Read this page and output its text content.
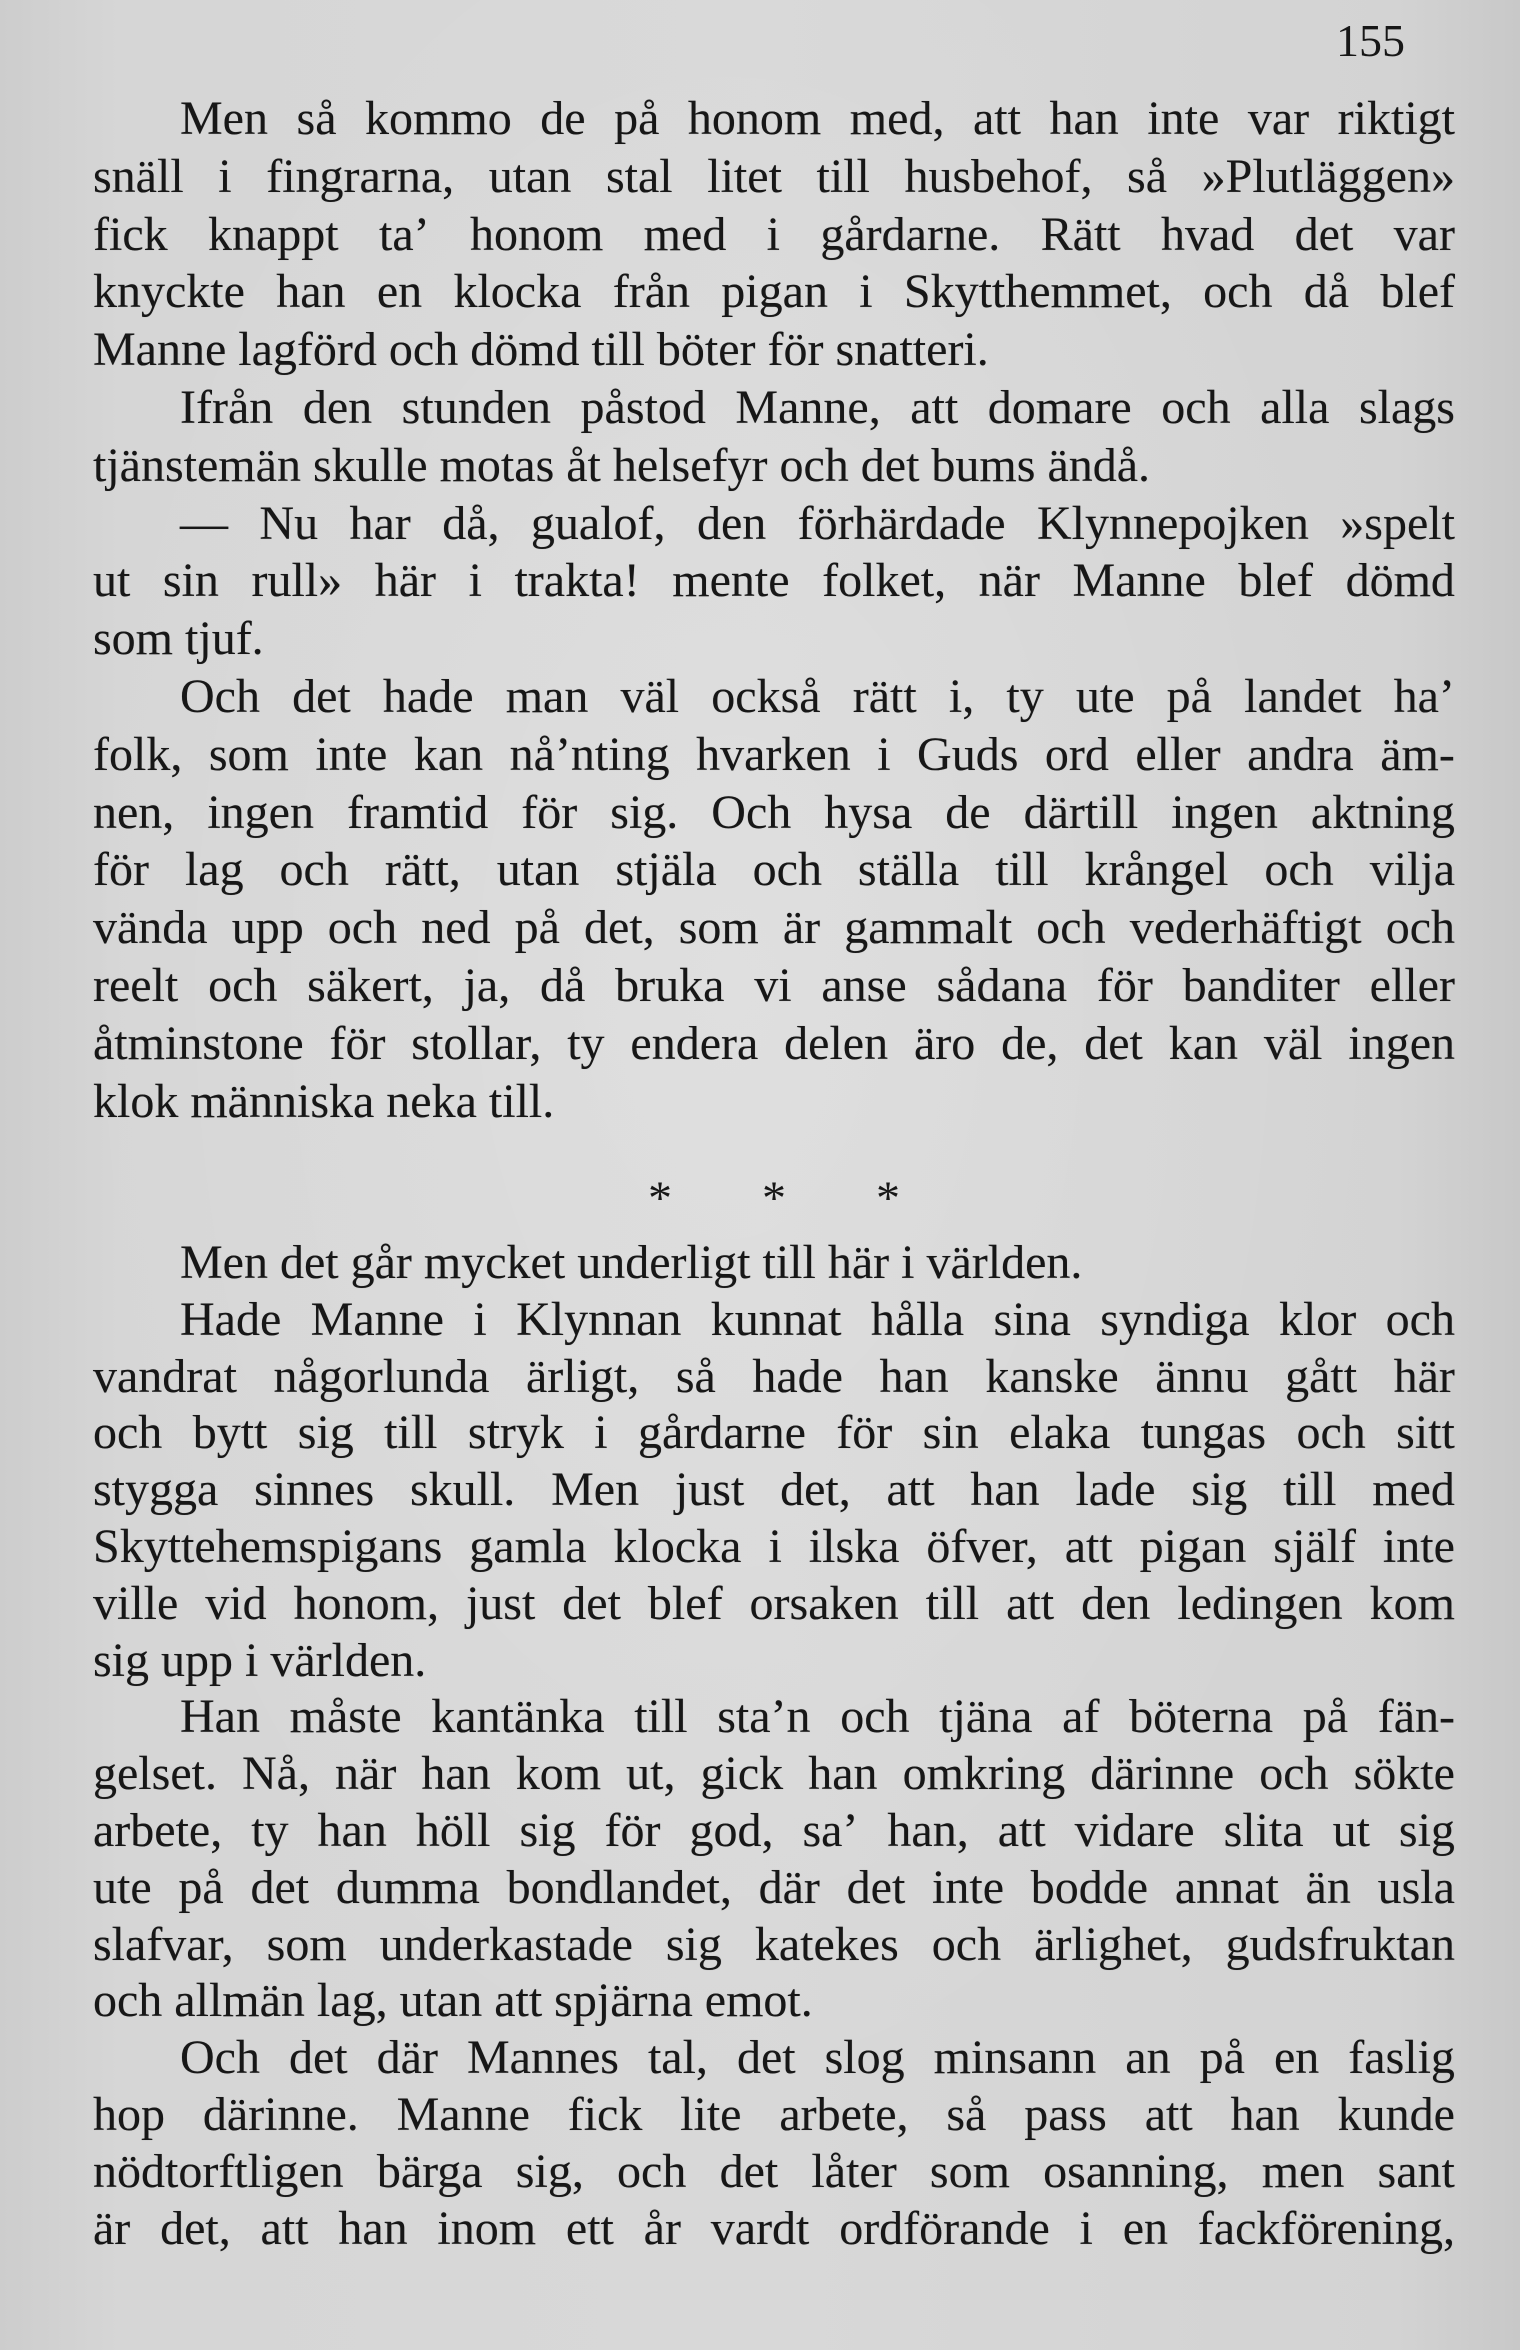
155
Men så kommo de på honom med, att han inte var riktigt
snäll i fingrarna, utan stal litet till husbehof, så »Plutläggen»
fick knappt ta’ honom med i gårdarne. Rätt hvad det var
knyckte han en klocka från pigan i Skytthemmet, och då blef
Manne lagförd och dömd till böter för snatteri.
Ifrån den stunden påstod Manne, att domare och alla slags
tjänstemän skulle motas åt helsefyr och det bums ändå.
— Nu har då, gualof, den förhärdade Klynnepojken »spelt
ut sin rull» här i trakta! mente folket, när Manne blef dömd
som tjuf.
Och det hade man väl också rätt i, ty ute på landet ha’
folk, som inte kan nå’nting hvarken i Guds ord eller andra äm-
nen, ingen framtid för sig. Och hysa de därtill ingen aktning
för lag och rätt, utan stjäla och ställa till krångel och vilja
vända upp och ned på det, som är gammalt och vederhäftigt och
reelt och säkert, ja, då bruka vi anse sådana för banditer eller
åtminstone för stollar, ty endera delen äro de, det kan väl ingen
klok människa neka till.
* * *
Men det går mycket underligt till här i världen.
Hade Manne i Klynnan kunnat hålla sina syndiga klor och
vandrat någorlunda ärligt, så hade han kanske ännu gått här
och bytt sig till stryk i gårdarne för sin elaka tungas och sitt
stygga sinnes skull. Men just det, att han lade sig till med
Skyttehemspigans gamla klocka i ilska öfver, att pigan själf inte
ville vid honom, just det blef orsaken till att den ledingen kom
sig upp i världen.
Han måste kantänka till sta’n och tjäna af böterna på fän-
gelset. Nå, när han kom ut, gick han omkring därinne och sökte
arbete, ty han höll sig för god, sa’ han, att vidare slita ut sig
ute på det dumma bondlandet, där det inte bodde annat än usla
slafvar, som underkastade sig katekes och ärlighet, gudsfruktan
och allmän lag, utan att spjärna emot.
Och det där Mannes tal, det slog minsann an på en faslig
hop därinne. Manne fick lite arbete, så pass att han kunde
nödtorftligen bärga sig, och det låter som osanning, men sant
är det, att han inom ett år vardt ordförande i en fackförening,
